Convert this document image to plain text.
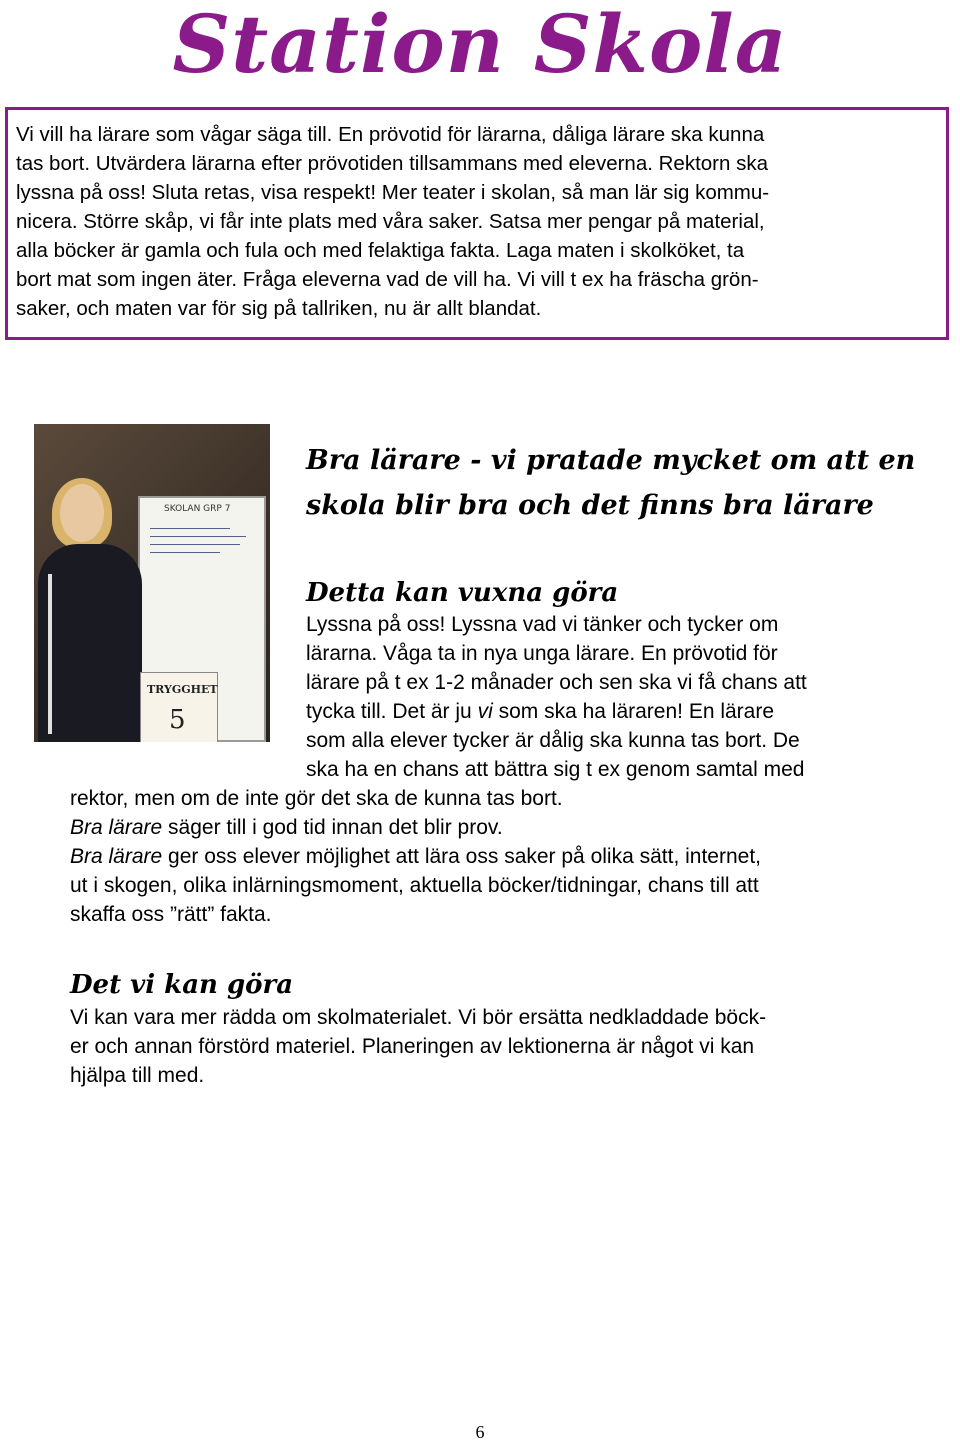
Station Skola

Vi vill ha lärare som vågar säga till. En prövotid för lärarna, dåliga lärare ska kunna
tas bort. Utvärdera lärarna efter prövotiden tillsammans med eleverna. Rektorn ska
lyssna på oss! Sluta retas, visa respekt! Mer teater i skolan, så man lär sig kommu-
nicera. Större skåp, vi får inte plats med våra saker. Satsa mer pengar på material,
alla böcker är gamla och fula och med felaktiga fakta. Laga maten i skolköket, ta
bort mat som ingen äter. Fråga eleverna vad de vill ha. Vi vill t ex ha fräscha grön-
saker, och maten var för sig på tallriken, nu är allt blandat.

SKOLAN GRP 7
TRYGGHET
5
Bra lärare - vi pratade mycket om att en
skola blir bra och det finns bra lärare
Detta kan vuxna göra

Lyssna på oss! Lyssna vad vi tänker och tycker om
lärarna. Våga ta in nya unga lärare. En prövotid för
lärare på t ex 1-2 månader och sen ska vi få chans att
tycka till. Det är ju vi som ska ha läraren! En lärare
som alla elever tycker är dålig ska kunna tas bort. De
ska ha en chans att bättra sig t ex genom samtal med

rektor, men om de inte gör det ska de kunna tas bort.

Bra lärare säger till i god tid innan det blir prov.

Bra lärare ger oss elever möjlighet att lära oss saker på olika sätt, internet,
ut i skogen, olika inlärningsmoment, aktuella böcker/tidningar, chans till att
skaffa oss ”rätt” fakta.

Det vi kan göra

Vi kan vara mer rädda om skolmaterialet. Vi bör ersätta nedkladdade böck-
er och annan förstörd materiel. Planeringen av lektionerna är något vi kan
hjälpa till med.

6
